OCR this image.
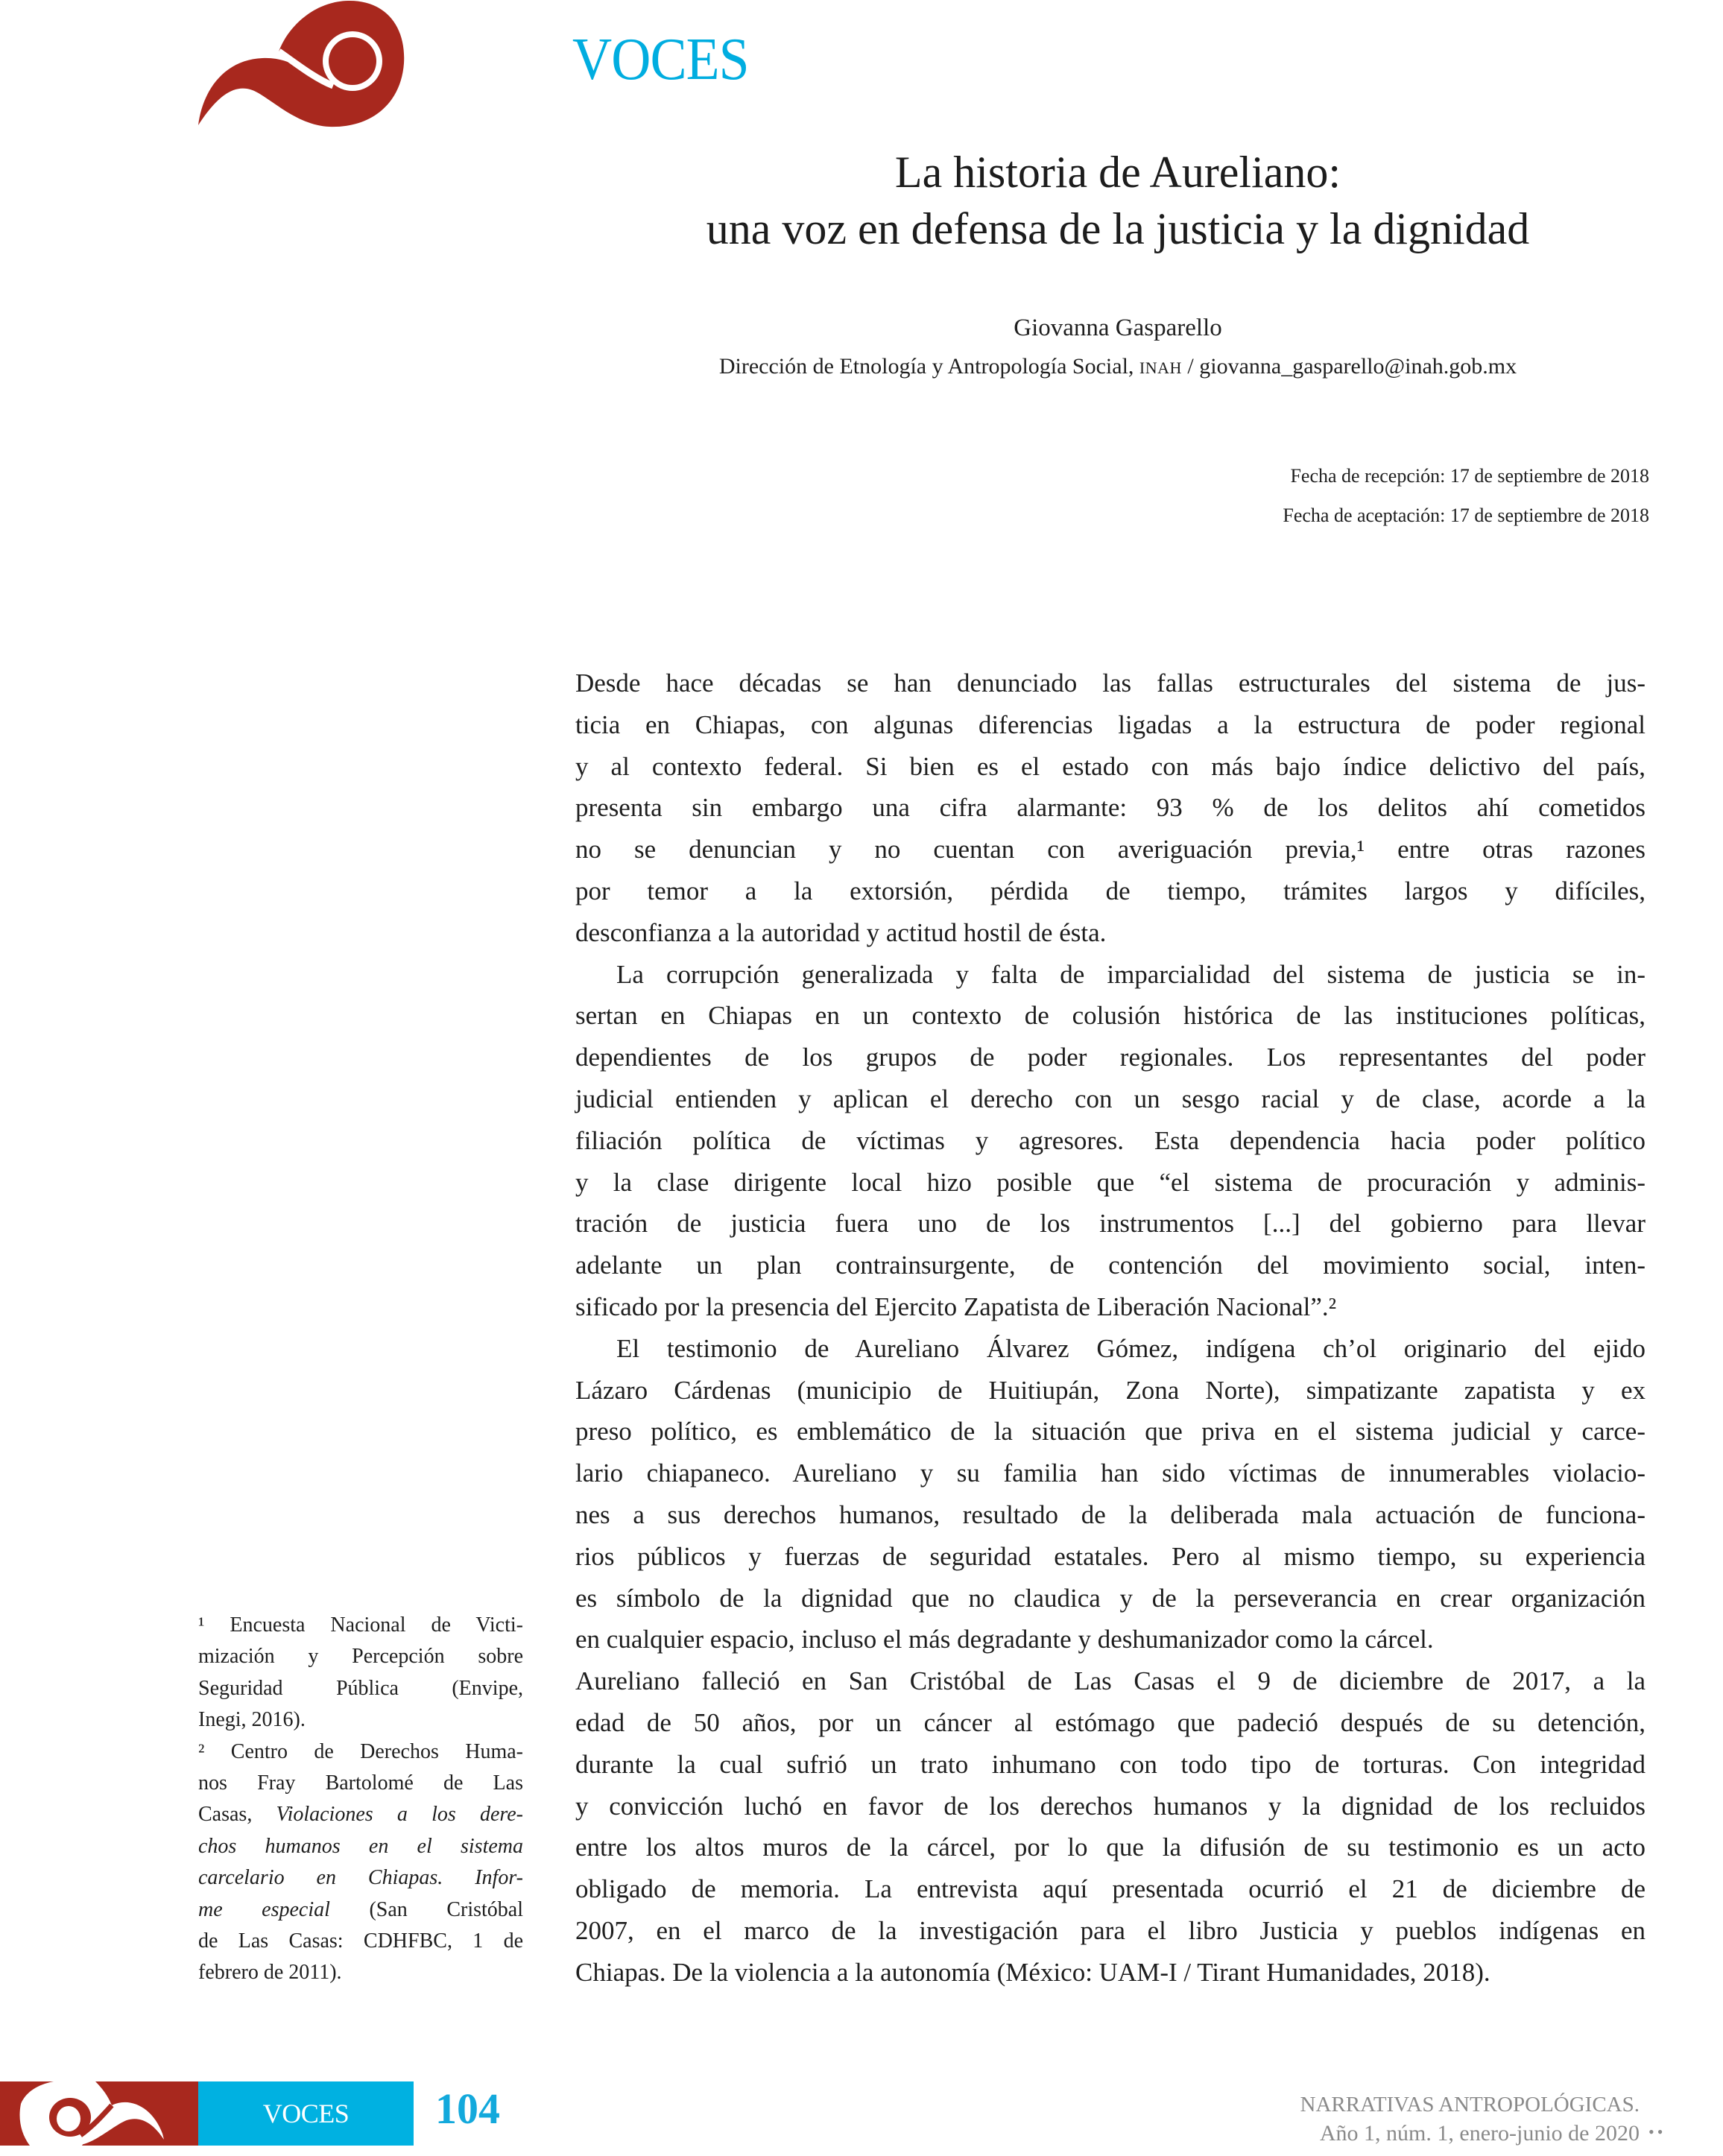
VOCES
La historia de Aureliano:
una voz en defensa de la justicia y la dignidad
Giovanna Gasparello
Dirección de Etnología y Antropología Social, INAH / giovanna_gasparello@inah.gob.mx
Fecha de recepción: 17 de septiembre de 2018
Fecha de aceptación: 17 de septiembre de 2018
Desde hace décadas se han denunciado las fallas estructurales del sistema de jus-
ticia en Chiapas, con algunas diferencias ligadas a la estructura de poder regional
y al contexto federal. Si bien es el estado con más bajo índice delictivo del país,
presenta sin embargo una cifra alarmante: 93 % de los delitos ahí cometidos
no se denuncian y no cuentan con averiguación previa,¹ entre otras razones
por temor a la extorsión, pérdida de tiempo, trámites largos y difíciles,
desconfianza a la autoridad y actitud hostil de ésta.
La corrupción generalizada y falta de imparcialidad del sistema de justicia se in-
sertan en Chiapas en un contexto de colusión histórica de las instituciones políticas,
dependientes de los grupos de poder regionales. Los representantes del poder
judicial entienden y aplican el derecho con un sesgo racial y de clase, acorde a la
filiación política de víctimas y agresores. Esta dependencia hacia poder político
y la clase dirigente local hizo posible que “el sistema de procuración y adminis-
tración de justicia fuera uno de los instrumentos [...] del gobierno para llevar
adelante un plan contrainsurgente, de contención del movimiento social, inten-
sificado por la presencia del Ejercito Zapatista de Liberación Nacional”.²
El testimonio de Aureliano Álvarez Gómez, indígena ch’ol originario del ejido
Lázaro Cárdenas (municipio de Huitiupán, Zona Norte), simpatizante zapatista y ex
preso político, es emblemático de la situación que priva en el sistema judicial y carce-
lario chiapaneco. Aureliano y su familia han sido víctimas de innumerables violacio-
nes a sus derechos humanos, resultado de la deliberada mala actuación de funciona-
rios públicos y fuerzas de seguridad estatales. Pero al mismo tiempo, su experiencia
es símbolo de la dignidad que no claudica y de la perseverancia en crear organización
en cualquier espacio, incluso el más degradante y deshumanizador como la cárcel.
Aureliano falleció en San Cristóbal de Las Casas el 9 de diciembre de 2017, a la
edad de 50 años, por un cáncer al estómago que padeció después de su detención,
durante la cual sufrió un trato inhumano con todo tipo de torturas. Con integridad
y convicción luchó en favor de los derechos humanos y la dignidad de los recluidos
entre los altos muros de la cárcel, por lo que la difusión de su testimonio es un acto
obligado de memoria. La entrevista aquí presentada ocurrió el 21 de diciembre de
2007, en el marco de la investigación para el libro Justicia y pueblos indígenas en
Chiapas. De la violencia a la autonomía (México: UAM-I / Tirant Humanidades, 2018).
¹ Encuesta Nacional de Victi-
mización y Percepción sobre
Seguridad Pública (Envipe,
Inegi, 2016).
² Centro de Derechos Huma-
nos Fray Bartolomé de Las
Casas, Violaciones a los dere-
chos humanos en el sistema
carcelario en Chiapas. Infor-
me especial (San Cristóbal
de Las Casas: CDHFBC, 1 de
febrero de 2011).
VOCES	104	NARRATIVAS ANTROPOLÓGICAS.
Año 1, núm. 1, enero-junio de 2020 ••
